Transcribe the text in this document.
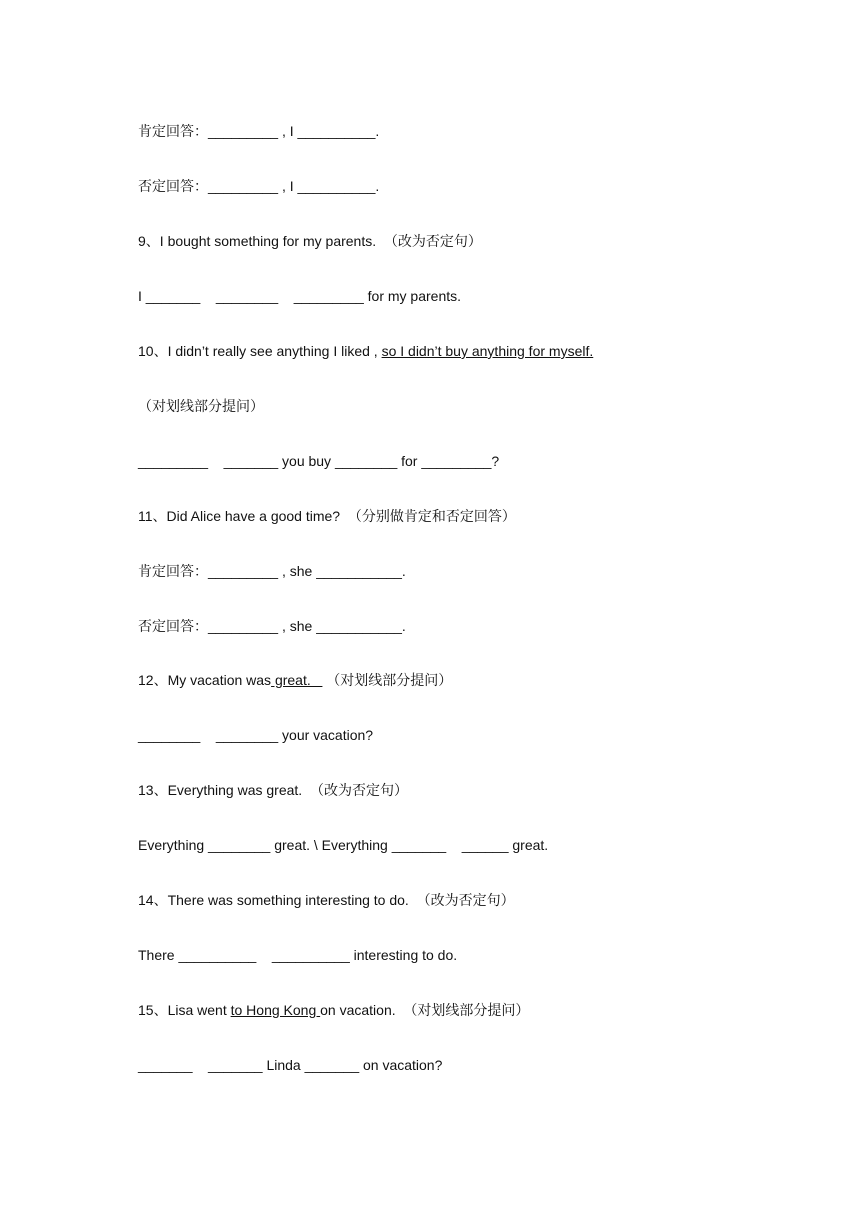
肯定回答：_________ , I __________.
否定回答：_________ , I __________.
9、I bought something for my parents.  （改为否定句）
I _______    ________    _________ for my parents.
10、I didn’t really see anything I liked , so I didn’t buy anything for myself.
（对划线部分提问）
_________    _______ you buy ________ for _________?
11、Did Alice have a good time?  （分别做肯定和否定回答）
肯定回答：_________ , she ___________.
否定回答：_________ , she ___________.
12、My vacation was great.    （对划线部分提问）
________    ________ your vacation?
13、Everything was great.  （改为否定句）
Everything ________ great. \ Everything _______    ______ great.
14、There was something interesting to do.  （改为否定句）
There __________    __________ interesting to do.
15、Lisa went to Hong Kong on vacation.  （对划线部分提问）
_______    _______ Linda _______ on vacation?
